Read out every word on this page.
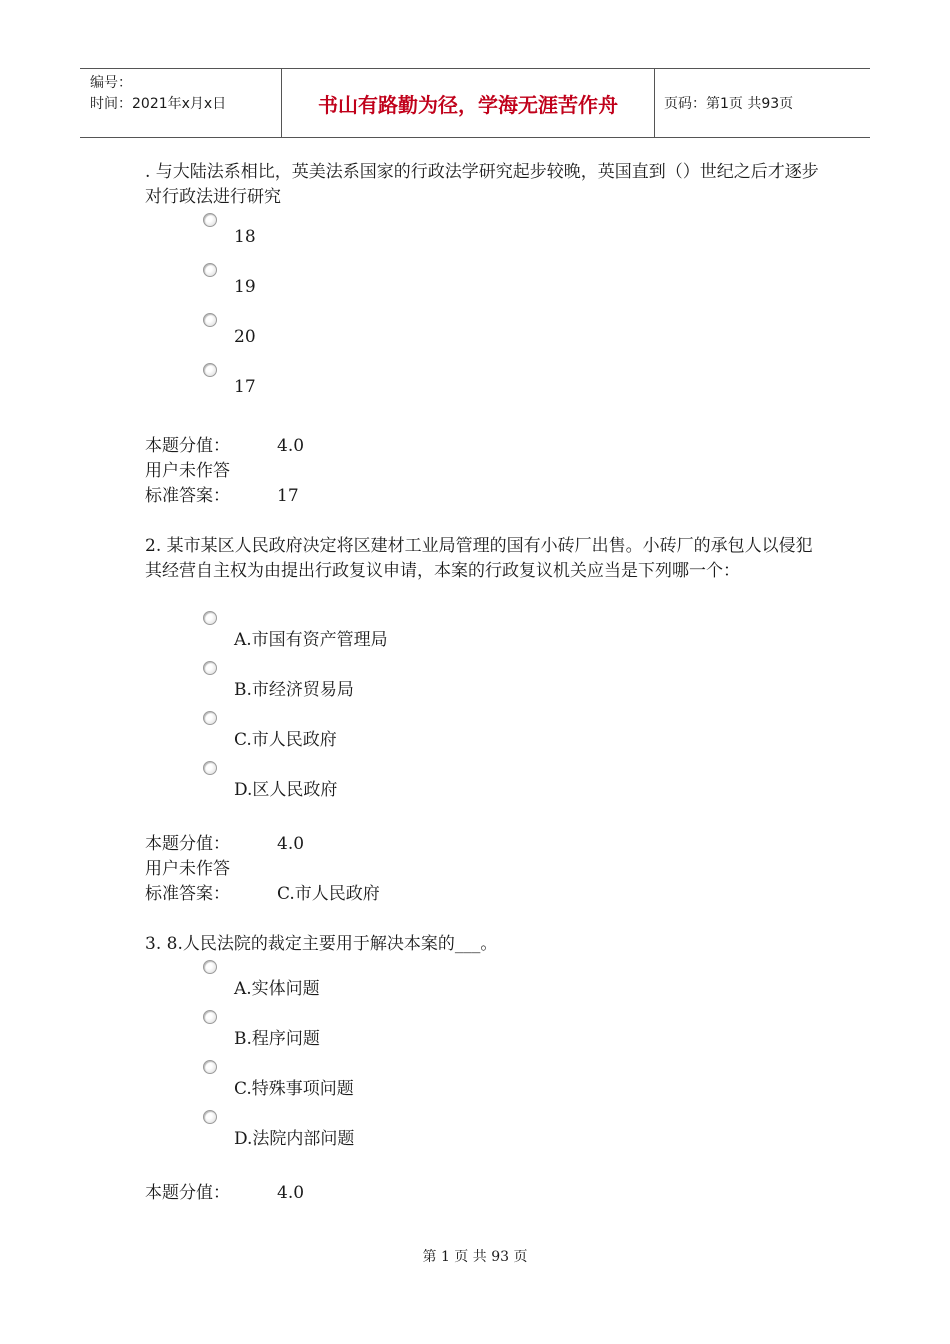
编号：
时间：2021年x月x日	书山有路勤为径，学海无涯苦作舟	页码：第1页 共93页

. 与大陆法系相比，英美法系国家的行政法学研究起步较晚，英国直到（）世纪之后才逐步对行政法进行研究

18
19
20
17
本题分值：	4.0
用户未作答
标准答案：	17

2. 某市某区人民政府决定将区建材工业局管理的国有小砖厂出售。小砖厂的承包人以侵犯其经营自主权为由提出行政复议申请，本案的行政复议机关应当是下列哪一个：

A.市国有资产管理局
B.市经济贸易局
C.市人民政府
D.区人民政府
本题分值：	4.0
用户未作答
标准答案：	C.市人民政府

3. 8.人民法院的裁定主要用于解决本案的___。

A.实体问题
B.程序问题
C.特殊事项问题
D.法院内部问题
本题分值：	4.0
第 1 页 共 93 页
